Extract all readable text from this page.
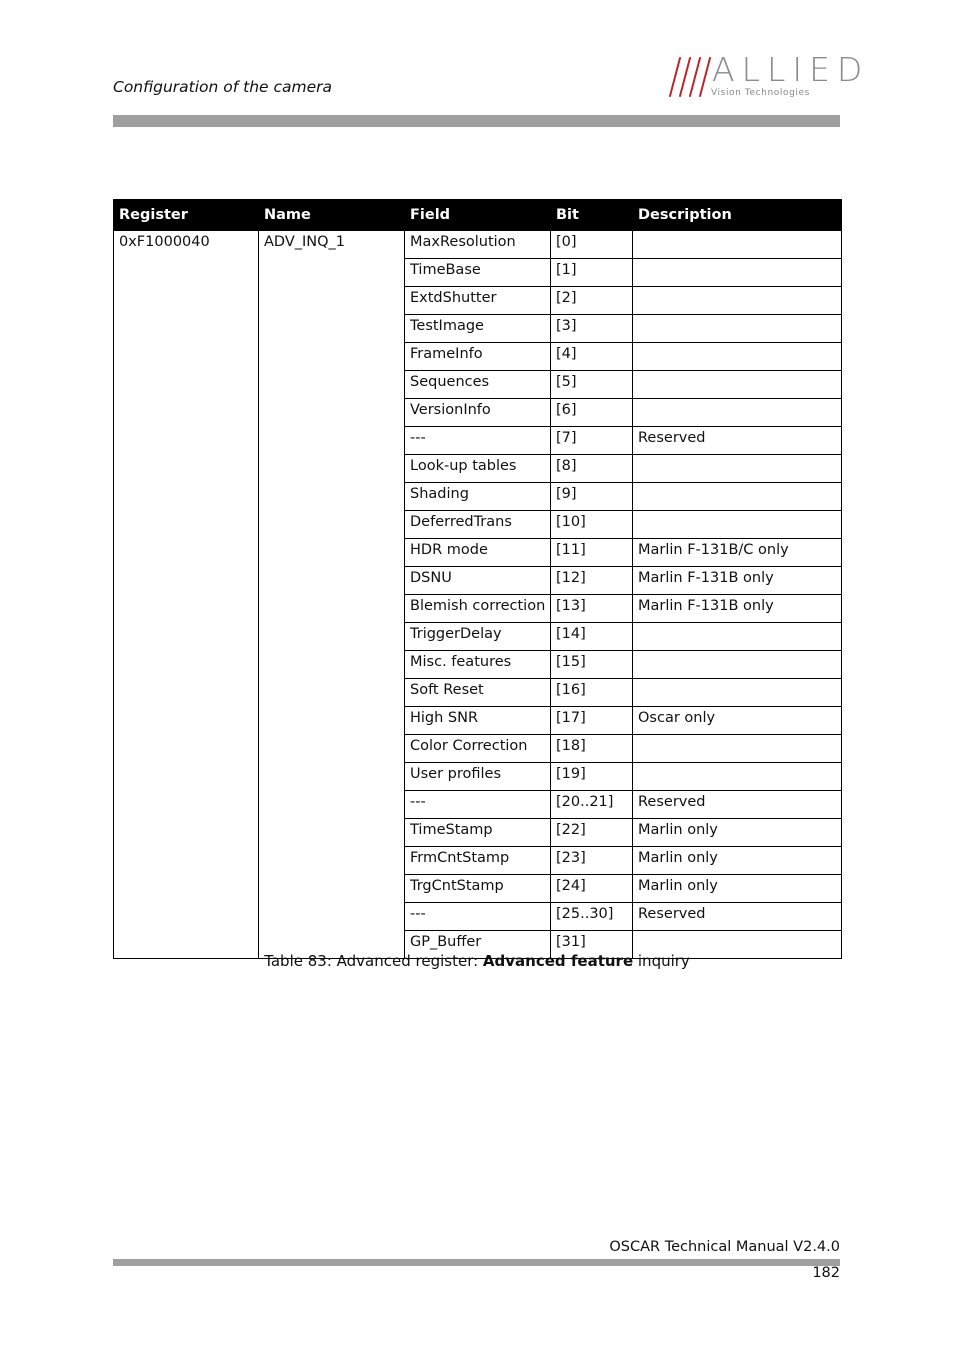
Configuration of the camera	ALLIED
Vision Technologies
Register	Name	Field	Bit	Description
0xF1000040	ADV_INQ_1	MaxResolution	[0]	
		TimeBase	[1]	
		ExtdShutter	[2]	
		TestImage	[3]	
		FrameInfo	[4]	
		Sequences	[5]	
		VersionInfo	[6]	
		---	[7]	Reserved
		Look-up tables	[8]	
		Shading	[9]	
		DeferredTrans	[10]	
		HDR mode	[11]	Marlin F-131B/C only
		DSNU	[12]	Marlin F-131B only
		Blemish correction	[13]	Marlin F-131B only
		TriggerDelay	[14]	
		Misc. features	[15]	
		Soft Reset	[16]	
		High SNR	[17]	Oscar only
		Color Correction	[18]	
		User profiles	[19]	
		---	[20..21]	Reserved
		TimeStamp	[22]	Marlin only
		FrmCntStamp	[23]	Marlin only
		TrgCntStamp	[24]	Marlin only
		---	[25..30]	Reserved
		GP_Buffer	[31]	
Table 83: Advanced register: Advanced feature inquiry
OSCAR Technical Manual V2.4.0
182
